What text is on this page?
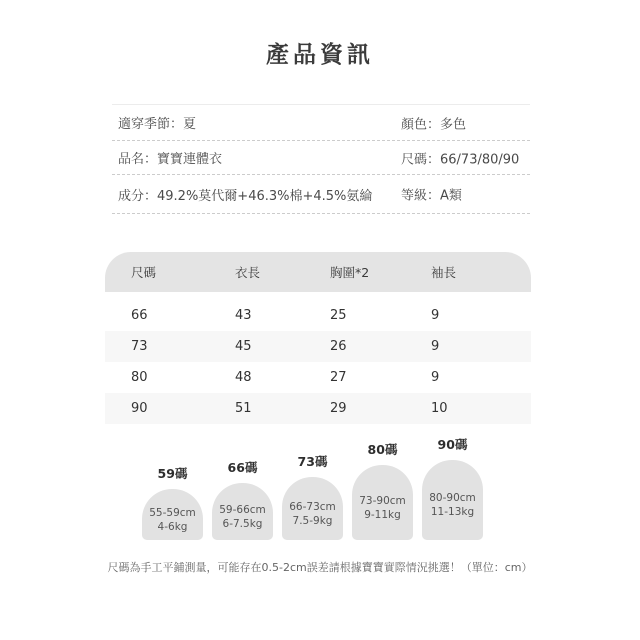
產品資訊
適穿季節：夏	顏色：多色
品名：寶寶連體衣	尺碼：66/73/80/90
成分：49.2%莫代爾+46.3%棉+4.5%氨綸 等級：A類
尺碼	衣長	胸圍*2	袖長
66	43	25	9
73	45	26	9
80	48	27	9
90	51	29	10
59碼
55-59cm
4-6kg
66碼
59-66cm
6-7.5kg
73碼
66-73cm
7.5-9kg
80碼
73-90cm
9-11kg
90碼
80-90cm
11-13kg
尺碼為手工平鋪測量，可能存在0.5-2cm誤差請根據寶寶實際情況挑選！（單位：cm）
